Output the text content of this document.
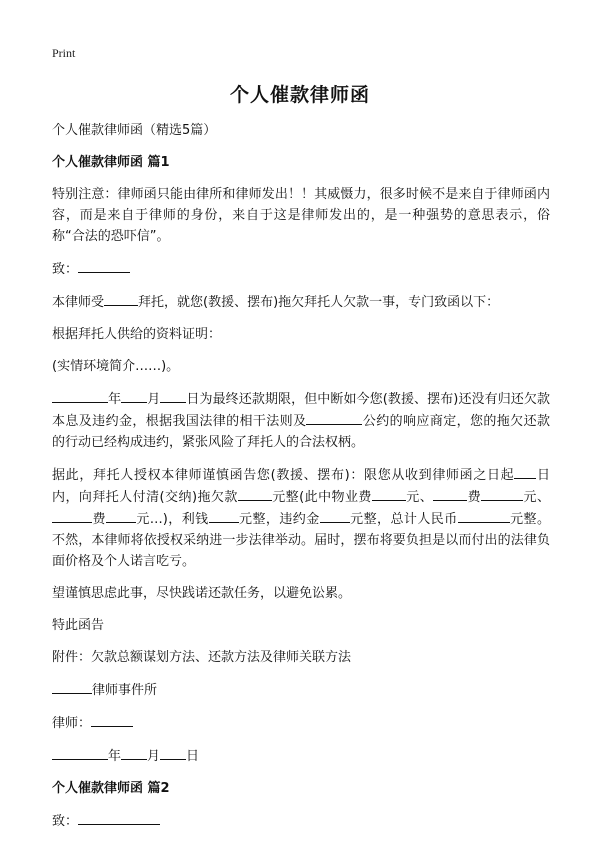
Print
个人催款律师函

个人催款律师函（精选5篇）

个人催款律师函 篇1

特别注意：律师函只能由律所和律师发出！！其威慑力，很多时候不是来自于律师函内容，而是来自于律师的身份，来自于这是律师发出的，是一种强势的意思表示，俗称“合法的恐吓信”。

致：

本律师受	拜托，就您(教援、摆布)拖欠拜托人欠款一事，专门致函以下：

根据拜托人供给的资料证明：

(实情环境简介……)。

年 月 日为最终还款期限，但中断如今您(教援、摆布)还没有归还欠款本息及违约金，根据我国法律的相干法则及	公约的响应商定，您的拖欠还款的行动已经构成违约，紧张风险了拜托人的合法权柄。

据此，拜托人授权本律师谨慎函告您(教援、摆布)：限您从收到律师函之日起 日内，向拜托人付清(交纳)拖欠款	元整(此中物业费	元、	费	元、费 元…)，利钱 元整，违约金 元整，总计人民币	元整。不然，本律师将依授权采纳进一步法律举动。届时，摆布将要负担是以而付出的法律负面价格及个人诺言吃亏。

望谨慎思虑此事，尽快践诺还款任务，以避免讼累。

特此函告

附件：欠款总额谋划方法、还款方法及律师关联方法

律师事件所

律师：

年 月 日

个人催款律师函 篇2

致：
